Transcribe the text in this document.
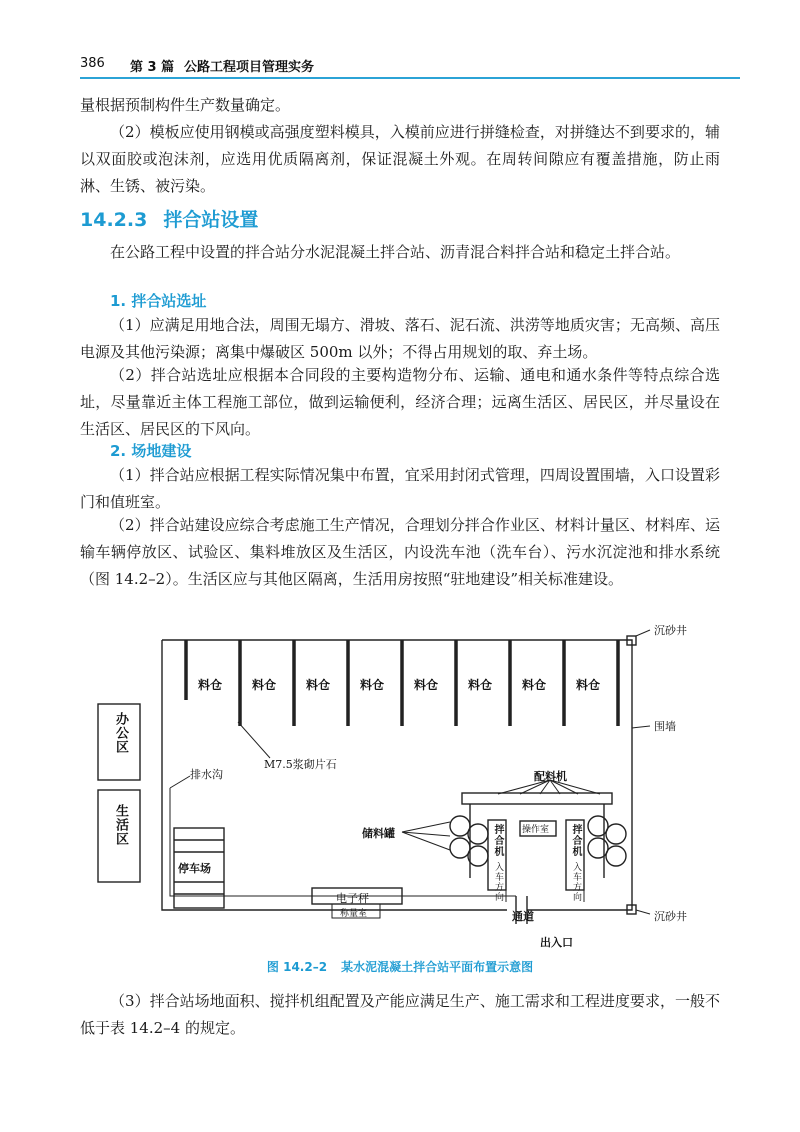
386 第 3 篇 公路工程项目管理实务

量根据预制构件生产数量确定。

（2）模板应使用钢模或高强度塑料模具，入模前应进行拼缝检查，对拼缝达不到要求的，辅以双面胶或泡沫剂，应选用优质隔离剂，保证混凝土外观。在周转间隙应有覆盖措施，防止雨淋、生锈、被污染。

14.2.3 拌合站设置

在公路工程中设置的拌合站分水泥混凝土拌合站、沥青混合料拌合站和稳定土拌合站。

1. 拌合站选址

（1）应满足用地合法，周围无塌方、滑坡、落石、泥石流、洪涝等地质灾害；无高频、高压电源及其他污染源；离集中爆破区 500m 以外；不得占用规划的取、弃土场。

（2）拌合站选址应根据本合同段的主要构造物分布、运输、通电和通水条件等特点综合选址，尽量靠近主体工程施工部位，做到运输便利，经济合理；远离生活区、居民区，并尽量设在生活区、居民区的下风向。

2. 场地建设

（1）拌合站应根据工程实际情况集中布置，宜采用封闭式管理，四周设置围墙，入口设置彩门和值班室。

（2）拌合站建设应综合考虑施工生产情况，合理划分拌合作业区、材料计量区、材料库、运输车辆停放区、试验区、集料堆放区及生活区，内设洗车池（洗车台）、污水沉淀池和排水系统（图 14.2–2）。生活区应与其他区隔离，生活用房按照“驻地建设”相关标准建设。

料仓 料仓 料仓 料仓 料仓 料仓 料仓 料仓
沉砂井
沉砂井
围墙
办公区
生活区
M7.5浆砌片石
排水沟	配料机
储料罐	操作室
拌合机	拌合机
入车方向	入车方向
停车场
电子秤
称量室	通道
出入口
图 14.2–2 某水泥混凝土拌合站平面布置示意图

（3）拌合站场地面积、搅拌机组配置及产能应满足生产、施工需求和工程进度要求，一般不低于表 14.2–4 的规定。
